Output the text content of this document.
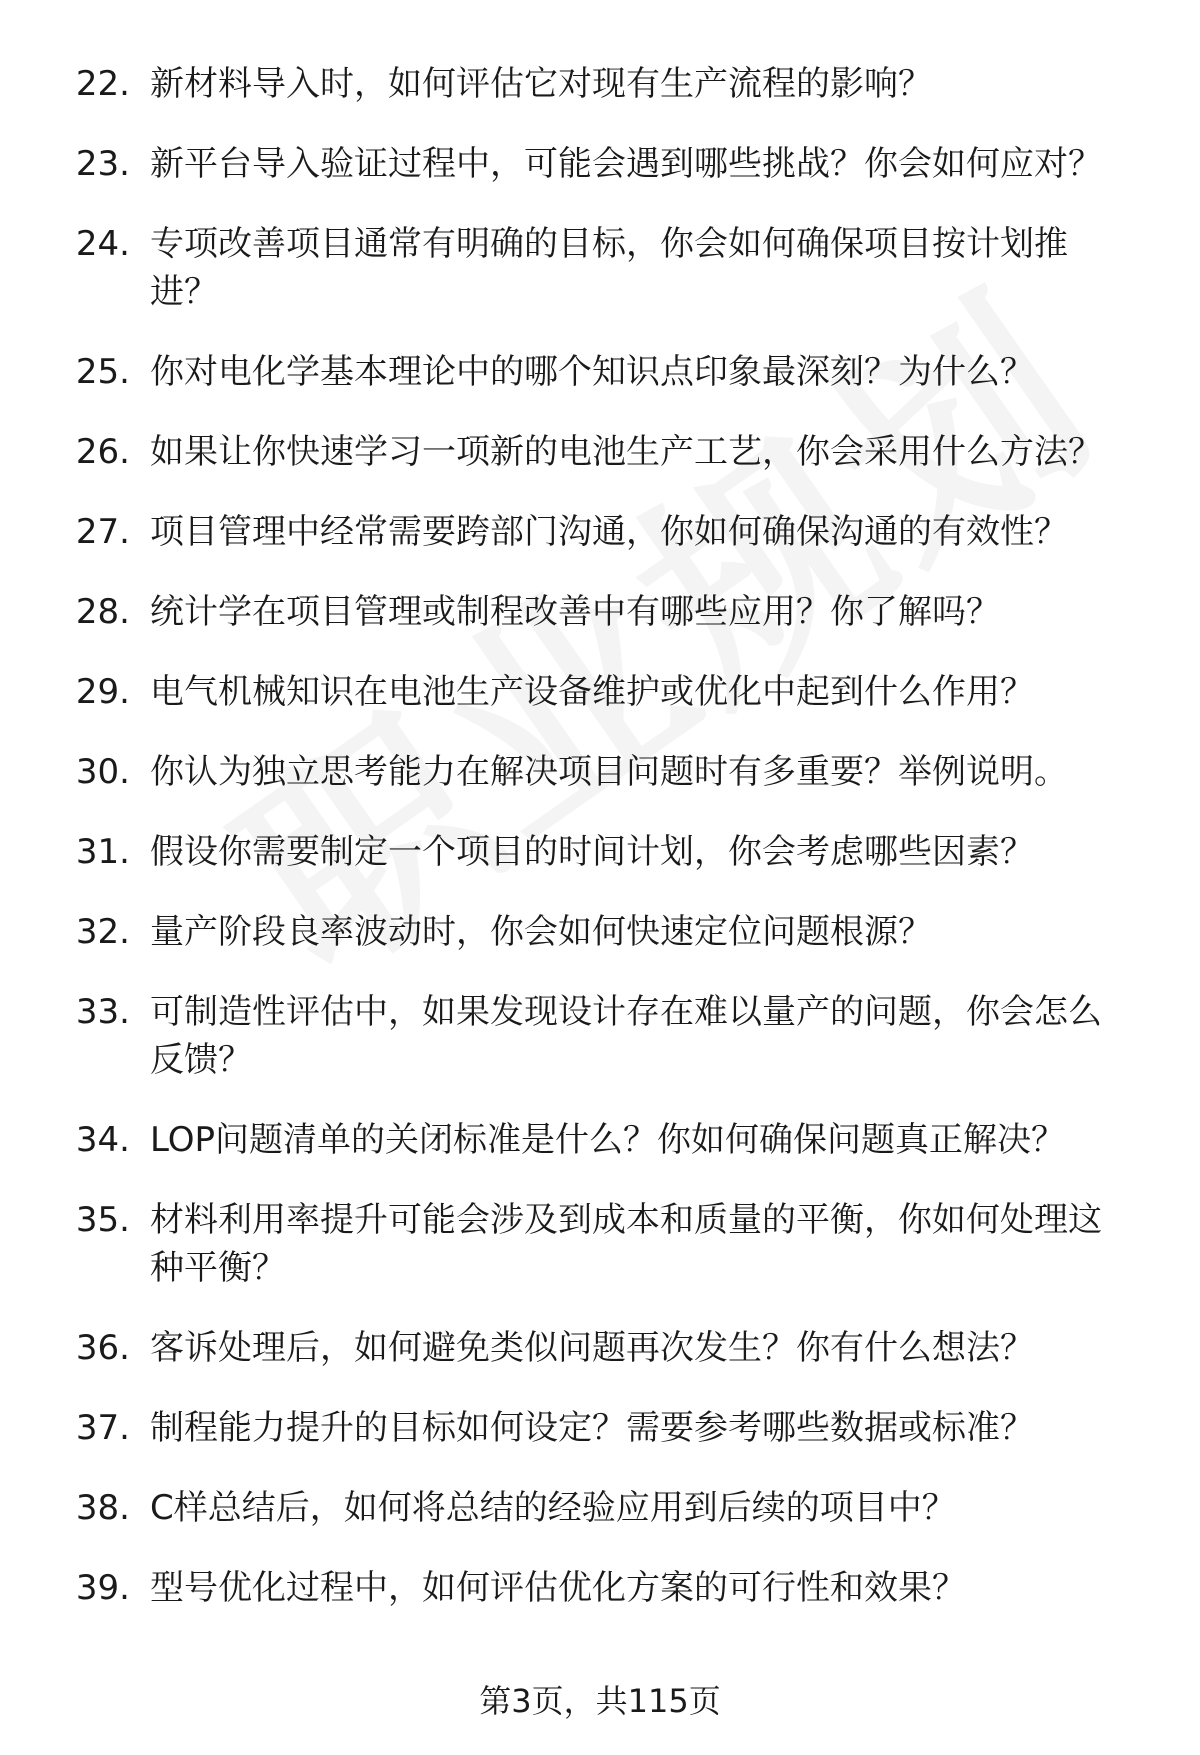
22. 新材料导入时，如何评估它对现有生产流程的影响？
23. 新平台导入验证过程中，可能会遇到哪些挑战？你会如何应对？
24. 专项改善项目通常有明确的目标，你会如何确保项目按计划推进？
25. 你对电化学基本理论中的哪个知识点印象最深刻？为什么？
26. 如果让你快速学习一项新的电池生产工艺，你会采用什么方法？
27. 项目管理中经常需要跨部门沟通，你如何确保沟通的有效性？
28. 统计学在项目管理或制程改善中有哪些应用？你了解吗？
29. 电气机械知识在电池生产设备维护或优化中起到什么作用？
30. 你认为独立思考能力在解决项目问题时有多重要？举例说明。
31. 假设你需要制定一个项目的时间计划，你会考虑哪些因素？
32. 量产阶段良率波动时，你会如何快速定位问题根源？
33. 可制造性评估中，如果发现设计存在难以量产的问题，你会怎么反馈？
34. LOP问题清单的关闭标准是什么？你如何确保问题真正解决？
35. 材料利用率提升可能会涉及到成本和质量的平衡，你如何处理这种平衡？
36. 客诉处理后，如何避免类似问题再次发生？你有什么想法？
37. 制程能力提升的目标如何设定？需要参考哪些数据或标准？
38. C样总结后，如何将总结的经验应用到后续的项目中？
39. 型号优化过程中，如何评估优化方案的可行性和效果？
第3页，共115页
